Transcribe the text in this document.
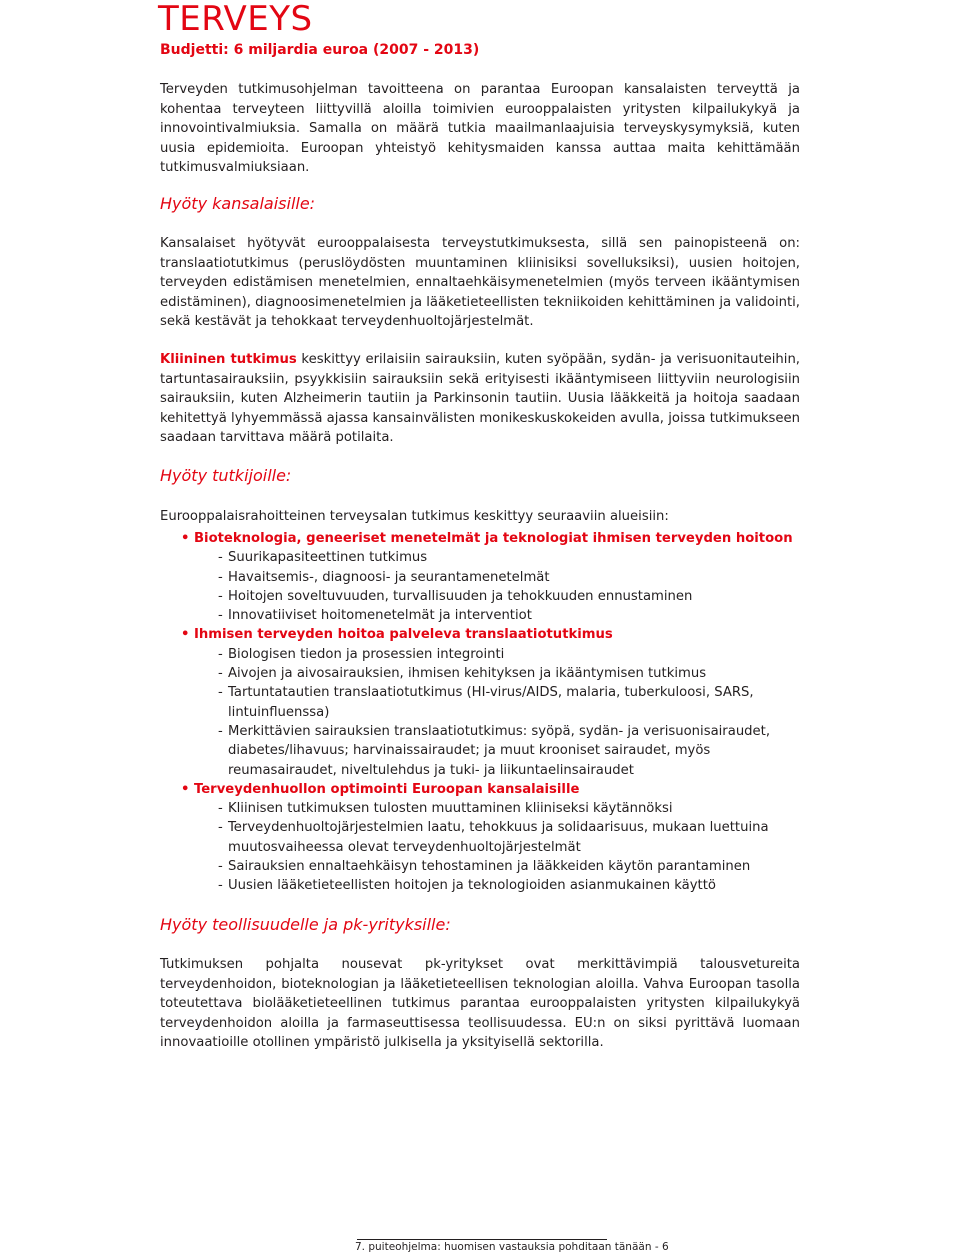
TERVEYS
Budjetti: 6 miljardia euroa (2007 - 2013)

Terveyden tutkimusohjelman tavoitteena on parantaa Euroopan kansalaisten terveyttä ja kohentaa terveyteen liittyvillä aloilla toimivien eurooppalaisten yritysten kilpailukykyä ja innovointivalmiuksia. Samalla on määrä tutkia maailmanlaajuisia terveyskysymyksiä, kuten uusia epidemioita. Euroopan yhteistyö kehitysmaiden kanssa auttaa maita kehittämään tutkimusvalmiuksiaan.

Hyöty kansalaisille:

Kansalaiset hyötyvät eurooppalaisesta terveystutkimuksesta, sillä sen painopisteenä on: translaatiotutkimus (peruslöydösten muuntaminen kliinisiksi sovelluksiksi), uusien hoitojen, terveyden edistämisen menetelmien, ennaltaehkäisymenetelmien (myös terveen ikääntymisen edistäminen), diagnoosimenetelmien ja lääketieteellisten tekniikoiden kehittäminen ja validointi, sekä kestävät ja tehokkaat terveydenhuoltojärjestelmät.

Kliininen tutkimus keskittyy erilaisiin sairauksiin, kuten syöpään, sydän- ja verisuonitauteihin, tartuntasairauksiin, psyykkisiin sairauksiin sekä erityisesti ikääntymiseen liittyviin neurologisiin sairauksiin, kuten Alzheimerin tautiin ja Parkinsonin tautiin. Uusia lääkkeitä ja hoitoja saadaan kehitettyä lyhyemmässä ajassa kansainvälisten monikeskuskokeiden avulla, joissa tutkimukseen saadaan tarvittava määrä potilaita.

Hyöty tutkijoille:

Eurooppalaisrahoitteinen terveysalan tutkimus keskittyy seuraaviin alueisiin:

• Bioteknologia, geneeriset menetelmät ja teknologiat ihmisen terveyden hoitoon
- Suurikapasiteettinen tutkimus
- Havaitsemis-, diagnoosi- ja seurantamenetelmät
- Hoitojen soveltuvuuden, turvallisuuden ja tehokkuuden ennustaminen
- Innovatiiviset hoitomenetelmät ja interventiot
• Ihmisen terveyden hoitoa palveleva translaatiotutkimus
- Biologisen tiedon ja prosessien integrointi
- Aivojen ja aivosairauksien, ihmisen kehityksen ja ikääntymisen tutkimus
- Tartuntatautien translaatiotutkimus (HI-virus/AIDS, malaria, tuberkuloosi, SARS, lintuinfluenssa)
- Merkittävien sairauksien translaatiotutkimus: syöpä, sydän- ja verisuonisairaudet, diabetes/lihavuus; harvinaissairaudet; ja muut krooniset sairaudet, myös reumasairaudet, niveltulehdus ja tuki- ja liikuntaelinsairaudet
• Terveydenhuollon optimointi Euroopan kansalaisille
- Kliinisen tutkimuksen tulosten muuttaminen kliiniseksi käytännöksi
- Terveydenhuoltojärjestelmien laatu, tehokkuus ja solidaarisuus, mukaan luettuina muutosvaiheessa olevat terveydenhuoltojärjestelmät
- Sairauksien ennaltaehkäisyn tehostaminen ja lääkkeiden käytön parantaminen
- Uusien lääketieteellisten hoitojen ja teknologioiden asianmukainen käyttö
Hyöty teollisuudelle ja pk-yrityksille:

Tutkimuksen pohjalta nousevat pk-yritykset ovat merkittävimpiä talousvetureita terveydenhoidon, bioteknologian ja lääketieteellisen teknologian aloilla. Vahva Euroopan tasolla toteutettava biolääketieteellinen tutkimus parantaa eurooppalaisten yritysten kilpailukykyä terveydenhoidon aloilla ja farmaseuttisessa teollisuudessa. EU:n on siksi pyrittävä luomaan innovaatioille otollinen ympäristö julkisella ja yksityisellä sektorilla.

7. puiteohjelma: huomisen vastauksia pohditaan tänään - 6
